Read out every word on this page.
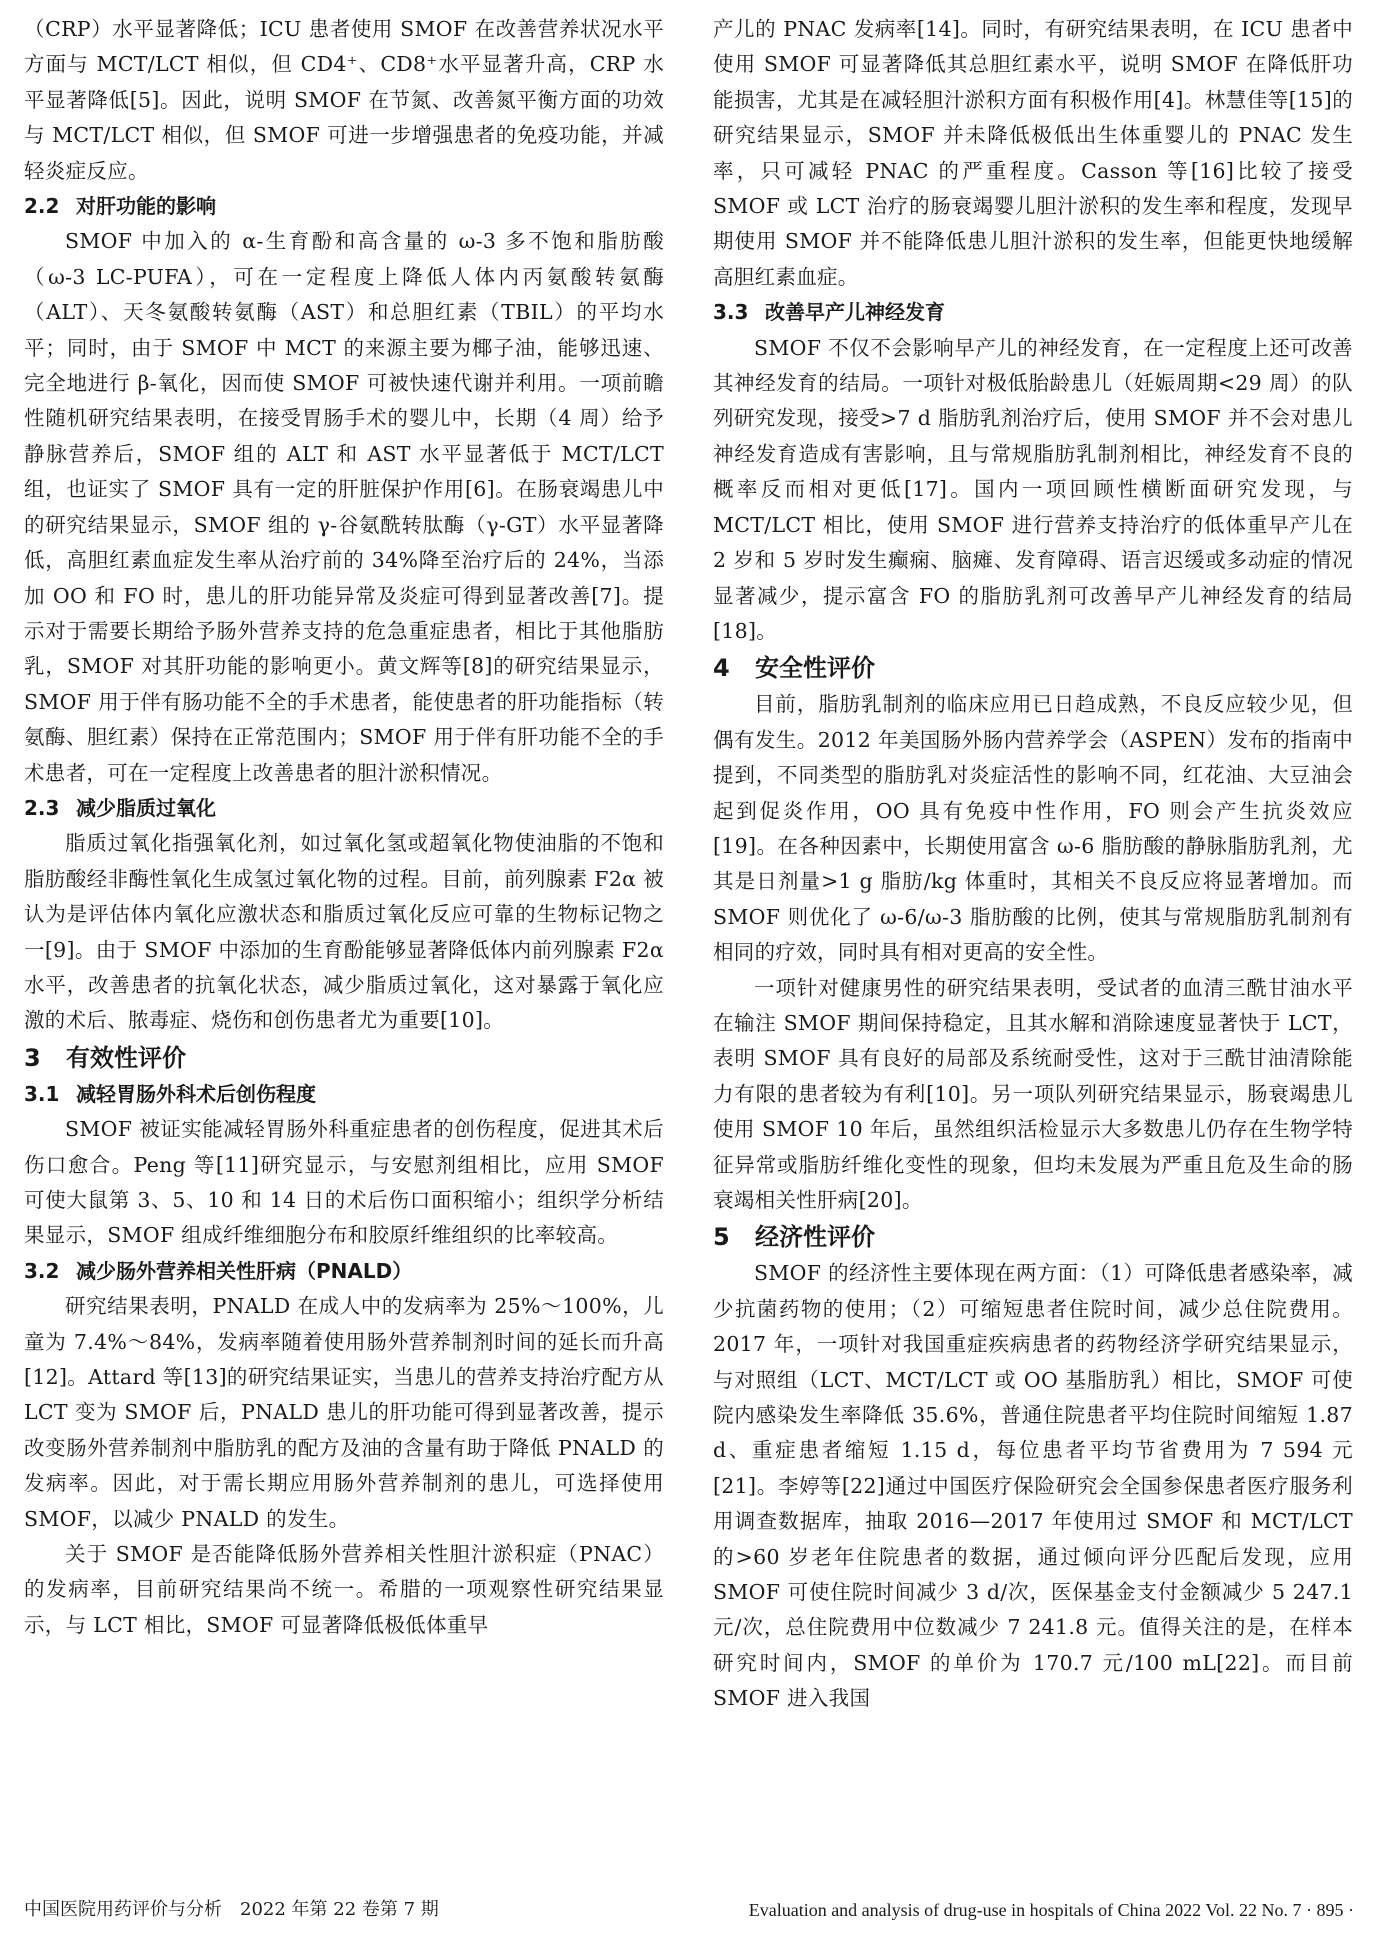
（CRP）水平显著降低；ICU 患者使用 SMOF 在改善营养状况水平方面与 MCT/LCT 相似，但 CD4⁺、CD8⁺水平显著升高，CRP 水平显著降低[5]。因此，说明 SMOF 在节氮、改善氮平衡方面的功效与 MCT/LCT 相似，但 SMOF 可进一步增强患者的免疫功能，并减轻炎症反应。

2.2 对肝功能的影响

SMOF 中加入的 α-生育酚和高含量的 ω-3 多不饱和脂肪酸（ω-3 LC-PUFA），可在一定程度上降低人体内丙氨酸转氨酶（ALT）、天冬氨酸转氨酶（AST）和总胆红素（TBIL）的平均水平；同时，由于 SMOF 中 MCT 的来源主要为椰子油，能够迅速、完全地进行 β-氧化，因而使 SMOF 可被快速代谢并利用。一项前瞻性随机研究结果表明，在接受胃肠手术的婴儿中，长期（4 周）给予静脉营养后，SMOF 组的 ALT 和 AST 水平显著低于 MCT/LCT 组，也证实了 SMOF 具有一定的肝脏保护作用[6]。在肠衰竭患儿中的研究结果显示，SMOF 组的 γ-谷氨酰转肽酶（γ-GT）水平显著降低，高胆红素血症发生率从治疗前的 34%降至治疗后的 24%，当添加 OO 和 FO 时，患儿的肝功能异常及炎症可得到显著改善[7]。提示对于需要长期给予肠外营养支持的危急重症患者，相比于其他脂肪乳，SMOF 对其肝功能的影响更小。黄文辉等[8]的研究结果显示，SMOF 用于伴有肠功能不全的手术患者，能使患者的肝功能指标（转氨酶、胆红素）保持在正常范围内；SMOF 用于伴有肝功能不全的手术患者，可在一定程度上改善患者的胆汁淤积情况。

2.3 减少脂质过氧化

脂质过氧化指强氧化剂，如过氧化氢或超氧化物使油脂的不饱和脂肪酸经非酶性氧化生成氢过氧化物的过程。目前，前列腺素 F2α 被认为是评估体内氧化应激状态和脂质过氧化反应可靠的生物标记物之一[9]。由于 SMOF 中添加的生育酚能够显著降低体内前列腺素 F2α 水平，改善患者的抗氧化状态，减少脂质过氧化，这对暴露于氧化应激的术后、脓毒症、烧伤和创伤患者尤为重要[10]。

3 有效性评价
3.1 减轻胃肠外科术后创伤程度

SMOF 被证实能减轻胃肠外科重症患者的创伤程度，促进其术后伤口愈合。Peng 等[11]研究显示，与安慰剂组相比，应用 SMOF 可使大鼠第 3、5、10 和 14 日的术后伤口面积缩小；组织学分析结果显示，SMOF 组成纤维细胞分布和胶原纤维组织的比率较高。

3.2 减少肠外营养相关性肝病（PNALD）

研究结果表明，PNALD 在成人中的发病率为 25%～100%，儿童为 7.4%～84%，发病率随着使用肠外营养制剂时间的延长而升高[12]。Attard 等[13]的研究结果证实，当患儿的营养支持治疗配方从 LCT 变为 SMOF 后，PNALD 患儿的肝功能可得到显著改善，提示改变肠外营养制剂中脂肪乳的配方及油的含量有助于降低 PNALD 的发病率。因此，对于需长期应用肠外营养制剂的患儿，可选择使用 SMOF，以减少 PNALD 的发生。

关于 SMOF 是否能降低肠外营养相关性胆汁淤积症（PNAC）的发病率，目前研究结果尚不统一。希腊的一项观察性研究结果显示，与 LCT 相比，SMOF 可显著降低极低体重早

产儿的 PNAC 发病率[14]。同时，有研究结果表明，在 ICU 患者中使用 SMOF 可显著降低其总胆红素水平，说明 SMOF 在降低肝功能损害，尤其是在减轻胆汁淤积方面有积极作用[4]。林慧佳等[15]的研究结果显示，SMOF 并未降低极低出生体重婴儿的 PNAC 发生率，只可减轻 PNAC 的严重程度。Casson 等[16]比较了接受 SMOF 或 LCT 治疗的肠衰竭婴儿胆汁淤积的发生率和程度，发现早期使用 SMOF 并不能降低患儿胆汁淤积的发生率，但能更快地缓解高胆红素血症。

3.3 改善早产儿神经发育

SMOF 不仅不会影响早产儿的神经发育，在一定程度上还可改善其神经发育的结局。一项针对极低胎龄患儿（妊娠周期<29 周）的队列研究发现，接受>7 d 脂肪乳剂治疗后，使用 SMOF 并不会对患儿神经发育造成有害影响，且与常规脂肪乳制剂相比，神经发育不良的概率反而相对更低[17]。国内一项回顾性横断面研究发现，与 MCT/LCT 相比，使用 SMOF 进行营养支持治疗的低体重早产儿在 2 岁和 5 岁时发生癫痫、脑瘫、发育障碍、语言迟缓或多动症的情况显著减少，提示富含 FO 的脂肪乳剂可改善早产儿神经发育的结局[18]。

4 安全性评价

目前，脂肪乳制剂的临床应用已日趋成熟，不良反应较少见，但偶有发生。2012 年美国肠外肠内营养学会（ASPEN）发布的指南中提到，不同类型的脂肪乳对炎症活性的影响不同，红花油、大豆油会起到促炎作用，OO 具有免疫中性作用，FO 则会产生抗炎效应[19]。在各种因素中，长期使用富含 ω-6 脂肪酸的静脉脂肪乳剂，尤其是日剂量>1 g 脂肪/kg 体重时，其相关不良反应将显著增加。而 SMOF 则优化了 ω-6/ω-3 脂肪酸的比例，使其与常规脂肪乳制剂有相同的疗效，同时具有相对更高的安全性。

一项针对健康男性的研究结果表明，受试者的血清三酰甘油水平在输注 SMOF 期间保持稳定，且其水解和消除速度显著快于 LCT，表明 SMOF 具有良好的局部及系统耐受性，这对于三酰甘油清除能力有限的患者较为有利[10]。另一项队列研究结果显示，肠衰竭患儿使用 SMOF 10 年后，虽然组织活检显示大多数患儿仍存在生物学特征异常或脂肪纤维化变性的现象，但均未发展为严重且危及生命的肠衰竭相关性肝病[20]。

5 经济性评价

SMOF 的经济性主要体现在两方面：（1）可降低患者感染率，减少抗菌药物的使用；（2）可缩短患者住院时间，减少总住院费用。2017 年，一项针对我国重症疾病患者的药物经济学研究结果显示，与对照组（LCT、MCT/LCT 或 OO 基脂肪乳）相比，SMOF 可使院内感染发生率降低 35.6%，普通住院患者平均住院时间缩短 1.87 d、重症患者缩短 1.15 d，每位患者平均节省费用为 7 594 元[21]。李婷等[22]通过中国医疗保险研究会全国参保患者医疗服务利用调查数据库，抽取 2016—2017 年使用过 SMOF 和 MCT/LCT 的>60 岁老年住院患者的数据，通过倾向评分匹配后发现，应用 SMOF 可使住院时间减少 3 d/次，医保基金支付金额减少 5 247.1 元/次，总住院费用中位数减少 7 241.8 元。值得关注的是，在样本研究时间内，SMOF 的单价为 170.7 元/100 mL[22]。而目前 SMOF 进入我国

中国医院用药评价与分析　2022 年第 22 卷第 7 期	Evaluation and analysis of drug-use in hospitals of China 2022 Vol. 22 No. 7 · 895 ·
